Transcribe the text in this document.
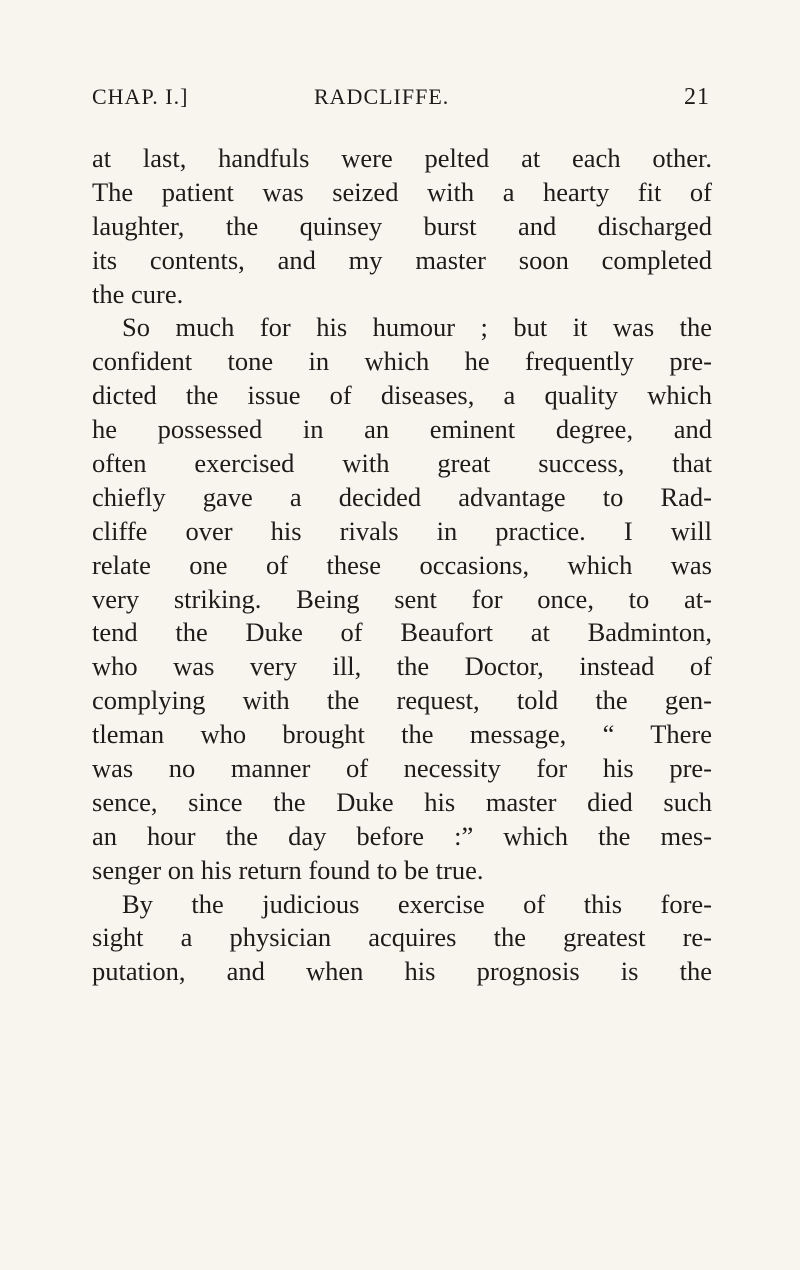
CHAP. I.]	RADCLIFFE.	21
at last, handfuls were pelted at each other.
The patient was seized with a hearty fit of
laughter, the quinsey burst and discharged
its contents, and my master soon completed
the cure.
So much for his humour ; but it was the
confident tone in which he frequently pre-
dicted the issue of diseases, a quality which
he possessed in an eminent degree, and
often exercised with great success, that
chiefly gave a decided advantage to Rad-
cliffe over his rivals in practice. I will
relate one of these occasions, which was
very striking. Being sent for once, to at-
tend the Duke of Beaufort at Badminton,
who was very ill, the Doctor, instead of
complying with the request, told the gen-
tleman who brought the message, “ There
was no manner of necessity for his pre-
sence, since the Duke his master died such
an hour the day before :” which the mes-
senger on his return found to be true.
By the judicious exercise of this fore-
sight a physician acquires the greatest re-
putation, and when his prognosis is the
